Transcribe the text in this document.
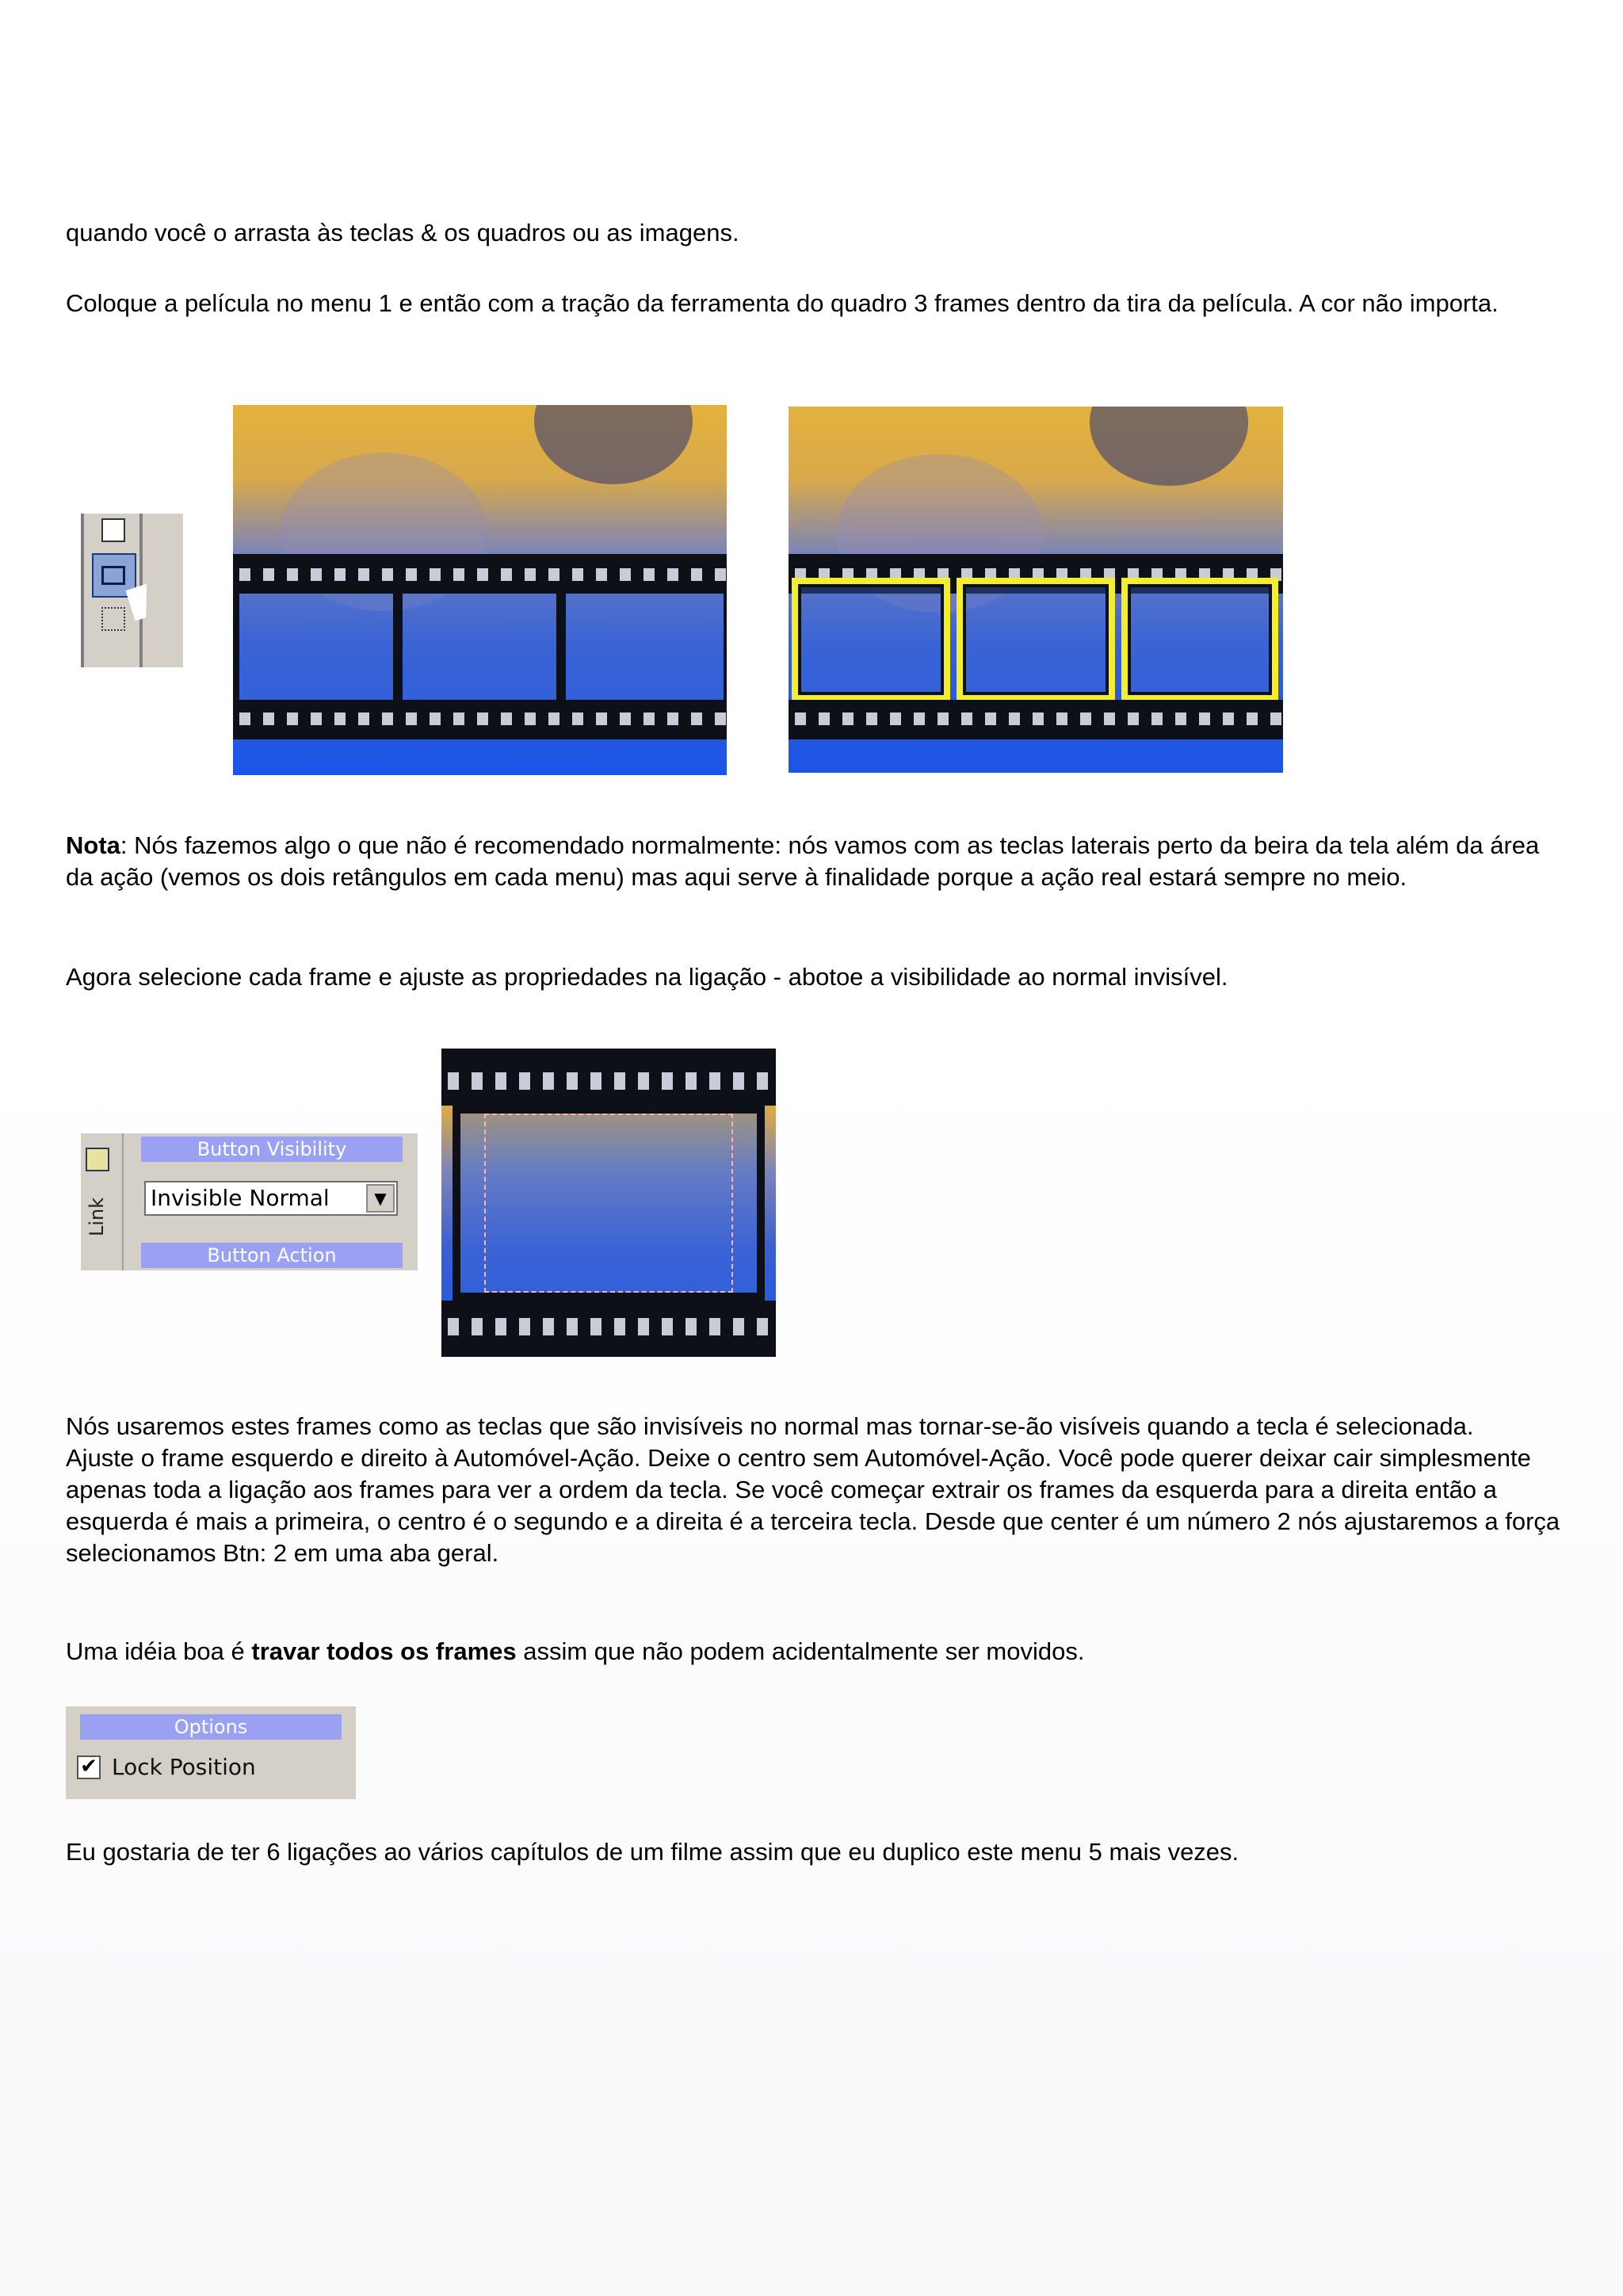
quando você o arrasta às teclas & os quadros ou as imagens.

Coloque a película no menu 1 e então com a tração da ferramenta do quadro 3 frames dentro da tira da película. A cor não importa.

Nota: Nós fazemos algo o que não é recomendado normalmente: nós vamos com as teclas laterais perto da beira da tela além da área da ação (vemos os dois retângulos em cada menu) mas aqui serve à finalidade porque a ação real estará sempre no meio.

Agora selecione cada frame e ajuste as propriedades na ligação - abotoe a visibilidade ao normal invisível.

Link
Button Visibility
Invisible Normal	▼
Button Action

Nós usaremos estes frames como as teclas que são invisíveis no normal mas tornar-se-ão visíveis quando a tecla é selecionada.
Ajuste o frame esquerdo e direito à Automóvel-Ação. Deixe o centro sem Automóvel-Ação. Você pode querer deixar cair simplesmente apenas toda a ligação aos frames para ver a ordem da tecla. Se você começar extrair os frames da esquerda para a direita então a esquerda é mais a primeira, o centro é o segundo e a direita é a terceira tecla. Desde que center é um número 2 nós ajustaremos a força selecionamos Btn: 2 em uma aba geral.

Uma idéia boa é travar todos os frames assim que não podem acidentalmente ser movidos.

Options
✔ Lock Position

Eu gostaria de ter 6 ligações ao vários capítulos de um filme assim que eu duplico este menu 5 mais vezes.
